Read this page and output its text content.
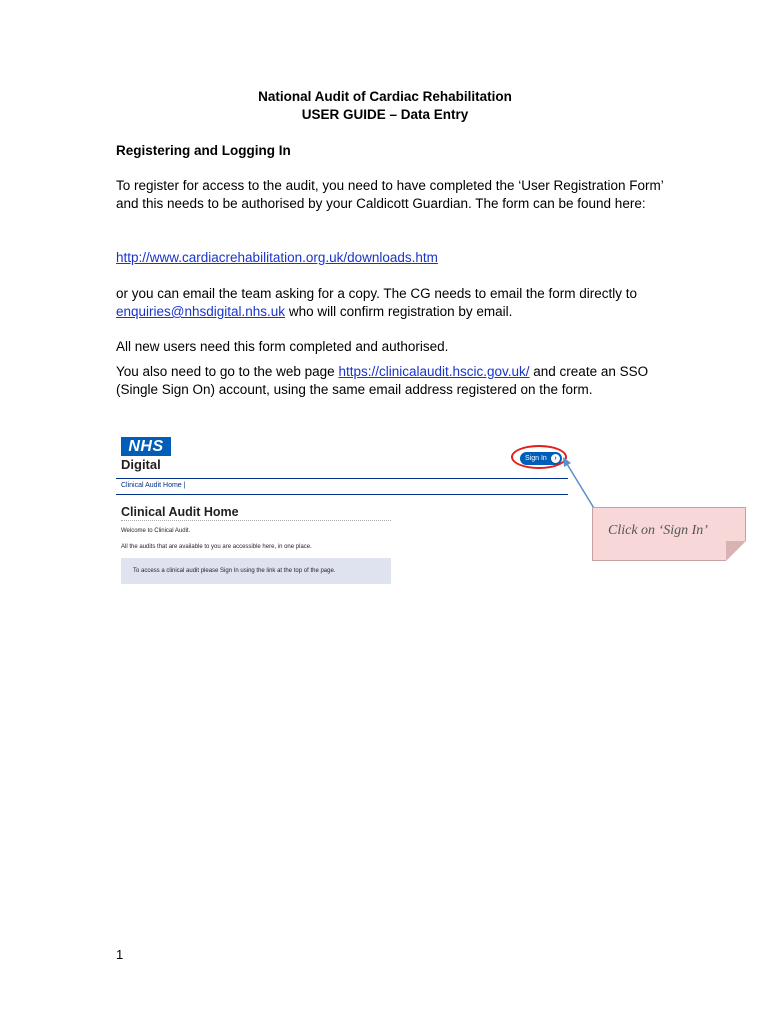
National Audit of Cardiac Rehabilitation
USER GUIDE – Data Entry
Registering and Logging In
To register for access to the audit, you need to have completed the ‘User Registration Form’ and this needs to be authorised by your Caldicott Guardian. The form can be found here:
http://www.cardiacrehabilitation.org.uk/downloads.htm
or you can email the team asking for a copy. The CG needs to email the form directly to enquiries@nhsdigital.nhs.uk who will confirm registration by email.
All new users need this form completed and authorised.
You also need to go to the web page https://clinicalaudit.hscic.gov.uk/ and create an SSO (Single Sign On) account, using the same email address registered on the form.
NHS
Digital	Sign In	›
Clinical Audit Home |
Clinical Audit Home
Welcome to Clinical Audit.
All the audits that are available to you are accessible here, in one place.
To access a clinical audit please Sign In using the link at the top of the page.
Click on ‘Sign In’
1
